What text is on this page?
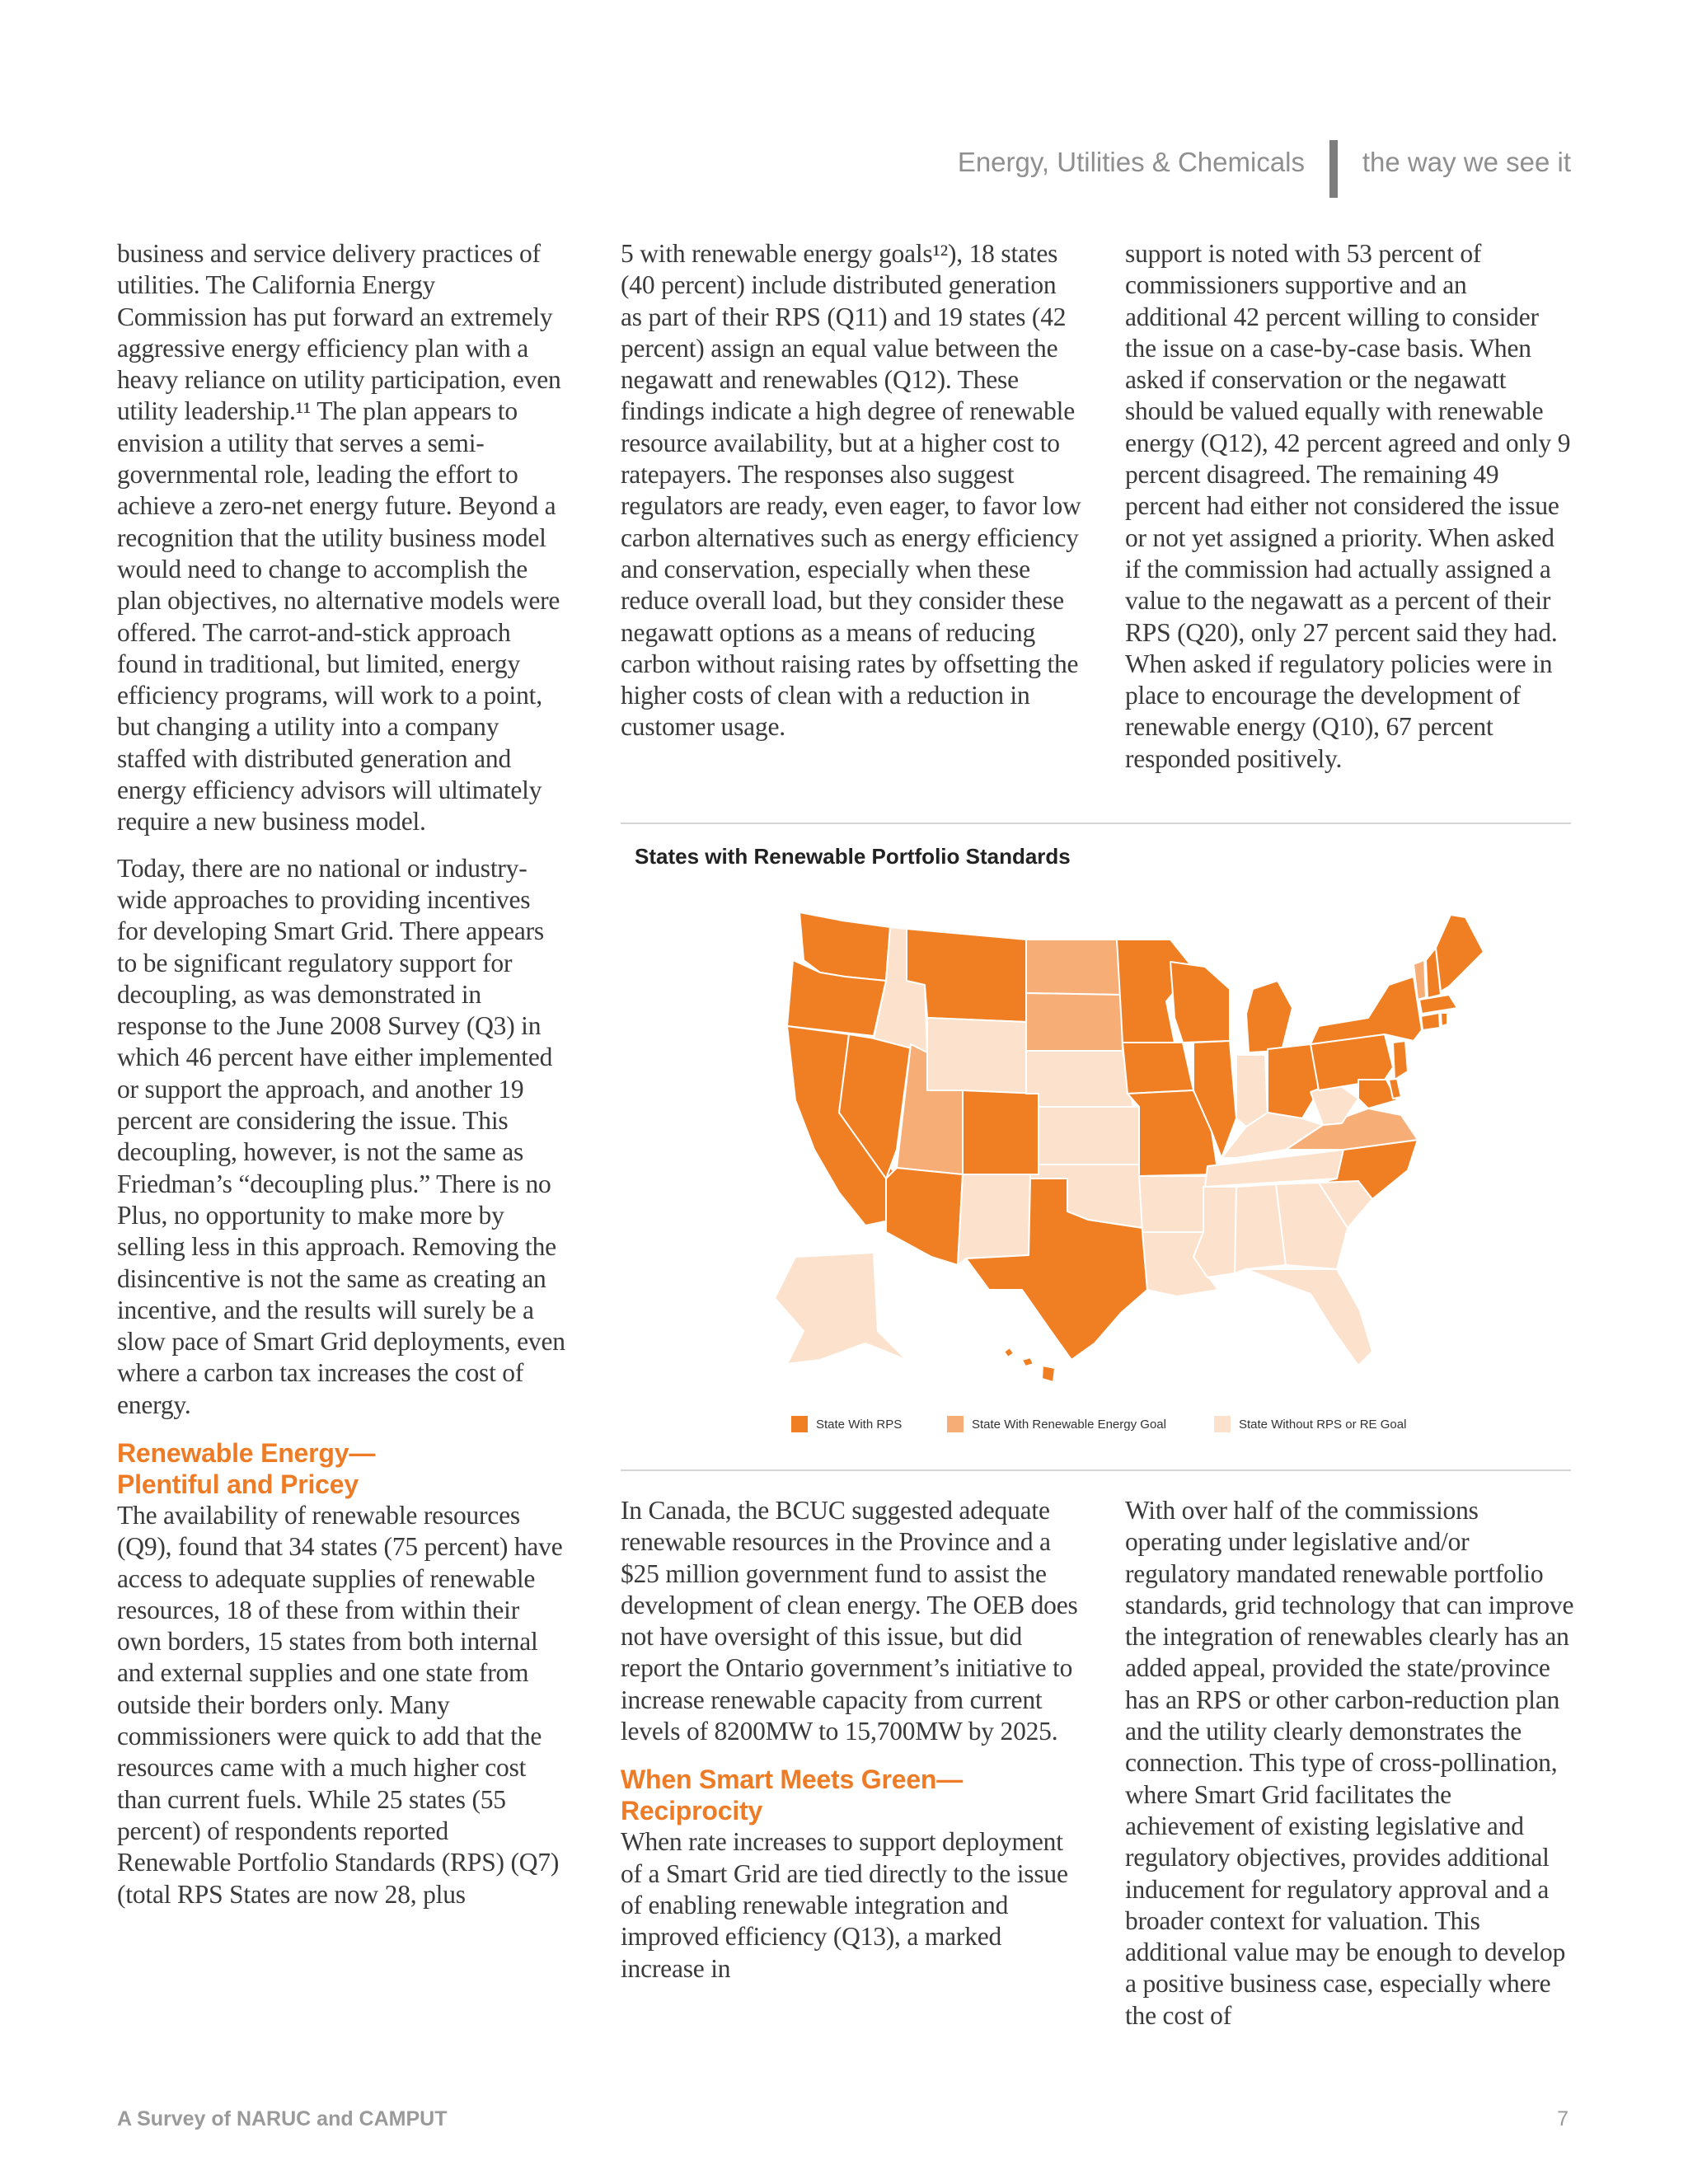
Energy, Utilities & Chemicals the way we see it

business and service delivery practices of utilities. The California Energy Commission has put forward an extremely aggressive energy efficiency plan with a heavy reliance on utility participation, even utility leadership.¹¹ The plan appears to envision a utility that serves a semi-governmental role, leading the effort to achieve a zero-net energy future. Beyond a recognition that the utility business model would need to change to accomplish the plan objectives, no alternative models were offered. The carrot-and-stick approach found in traditional, but limited, energy efficiency programs, will work to a point, but changing a utility into a company staffed with distributed generation and energy efficiency advisors will ultimately require a new business model.

Today, there are no national or industry-wide approaches to providing incentives for developing Smart Grid. There appears to be significant regulatory support for decoupling, as was demonstrated in response to the June 2008 Survey (Q3) in which 46 percent have either implemented or support the approach, and another 19 percent are considering the issue. This decoupling, however, is not the same as Friedman’s “decoupling plus.” There is no Plus, no opportunity to make more by selling less in this approach. Removing the disincentive is not the same as creating an incentive, and the results will surely be a slow pace of Smart Grid deployments, even where a carbon tax increases the cost of energy.

Renewable Energy—
Plentiful and Pricey

The availability of renewable resources (Q9), found that 34 states (75 percent) have access to adequate supplies of renewable resources, 18 of these from within their own borders, 15 states from both internal and external supplies and one state from outside their borders only. Many commissioners were quick to add that the resources came with a much higher cost than current fuels. While 25 states (55 percent) of respondents reported Renewable Portfolio Standards (RPS) (Q7) (total RPS States are now 28, plus

5 with renewable energy goals¹²), 18 states (40 percent) include distributed generation as part of their RPS (Q11) and 19 states (42 percent) assign an equal value between the negawatt and renewables (Q12). These findings indicate a high degree of renewable resource availability, but at a higher cost to ratepayers. The responses also suggest regulators are ready, even eager, to favor low carbon alternatives such as energy efficiency and conservation, especially when these reduce overall load, but they consider these negawatt options as a means of reducing carbon without raising rates by offsetting the higher costs of clean with a reduction in customer usage.

support is noted with 53 percent of commissioners supportive and an additional 42 percent willing to consider the issue on a case-by-case basis. When asked if conservation or the negawatt should be valued equally with renewable energy (Q12), 42 percent agreed and only 9 percent disagreed. The remaining 49 percent had either not considered the issue or not yet assigned a priority. When asked if the commission had actually assigned a value to the negawatt as a percent of their RPS (Q20), only 27 percent said they had. When asked if regulatory policies were in place to encourage the development of renewable energy (Q10), 67 percent responded positively.

States with Renewable Portfolio Standards
State With RPS	State With Renewable Energy Goal	State Without RPS or RE Goal

In Canada, the BCUC suggested adequate renewable resources in the Province and a $25 million government fund to assist the development of clean energy. The OEB does not have oversight of this issue, but did report the Ontario government’s initiative to increase renewable capacity from current levels of 8200MW to 15,700MW by 2025.

When Smart Meets Green—
Reciprocity

When rate increases to support deployment of a Smart Grid are tied directly to the issue of enabling renewable integration and improved efficiency (Q13), a marked increase in

With over half of the commissions operating under legislative and/or regulatory mandated renewable portfolio standards, grid technology that can improve the integration of renewables clearly has an added appeal, provided the state/province has an RPS or other carbon-reduction plan and the utility clearly demonstrates the connection. This type of cross-pollination, where Smart Grid facilitates the achievement of existing legislative and regulatory objectives, provides additional inducement for regulatory approval and a broader context for valuation. This additional value may be enough to develop a positive business case, especially where the cost of

A Survey of NARUC and CAMPUT	7
